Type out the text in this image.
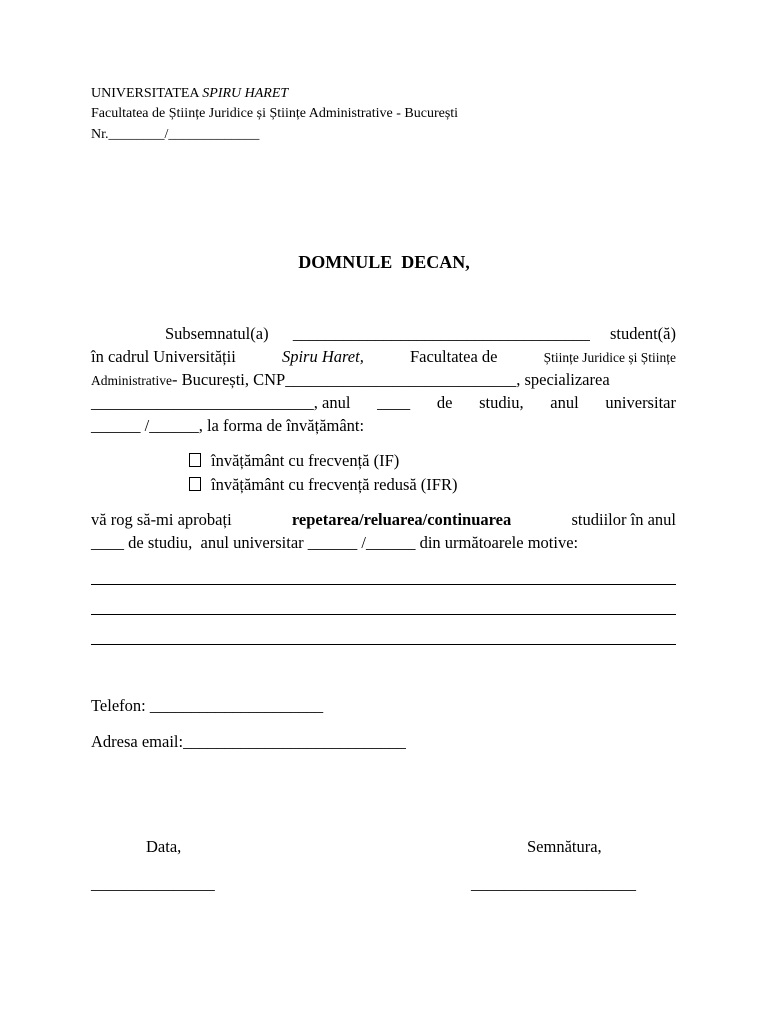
UNIVERSITATEA SPIRU HARET
Facultatea de Științe Juridice și Științe Administrative - București
Nr.________/_____________
DOMNULE  DECAN,
Subsemnatul(a) ____________________________________ student(ă)
în cadrul Universității	Spiru Haret,	Facultatea de	Științe Juridice și Științe
Administrative- București, CNP____________________________, specializarea
___________________________, anul ____ de studiu, anul universitar
______ /______, la forma de învățământ:
învățământ cu frecvență (IF)
învățământ cu frecvență redusă (IFR)
vă rog să-mi aprobați	repetarea/reluarea/continuarea	studiilor în anul
____ de studiu,  anul universitar ______ /______ din următoarele motive:
Telefon: _____________________
Adresa email:___________________________
Data,	Semnătura,
_______________	____________________
